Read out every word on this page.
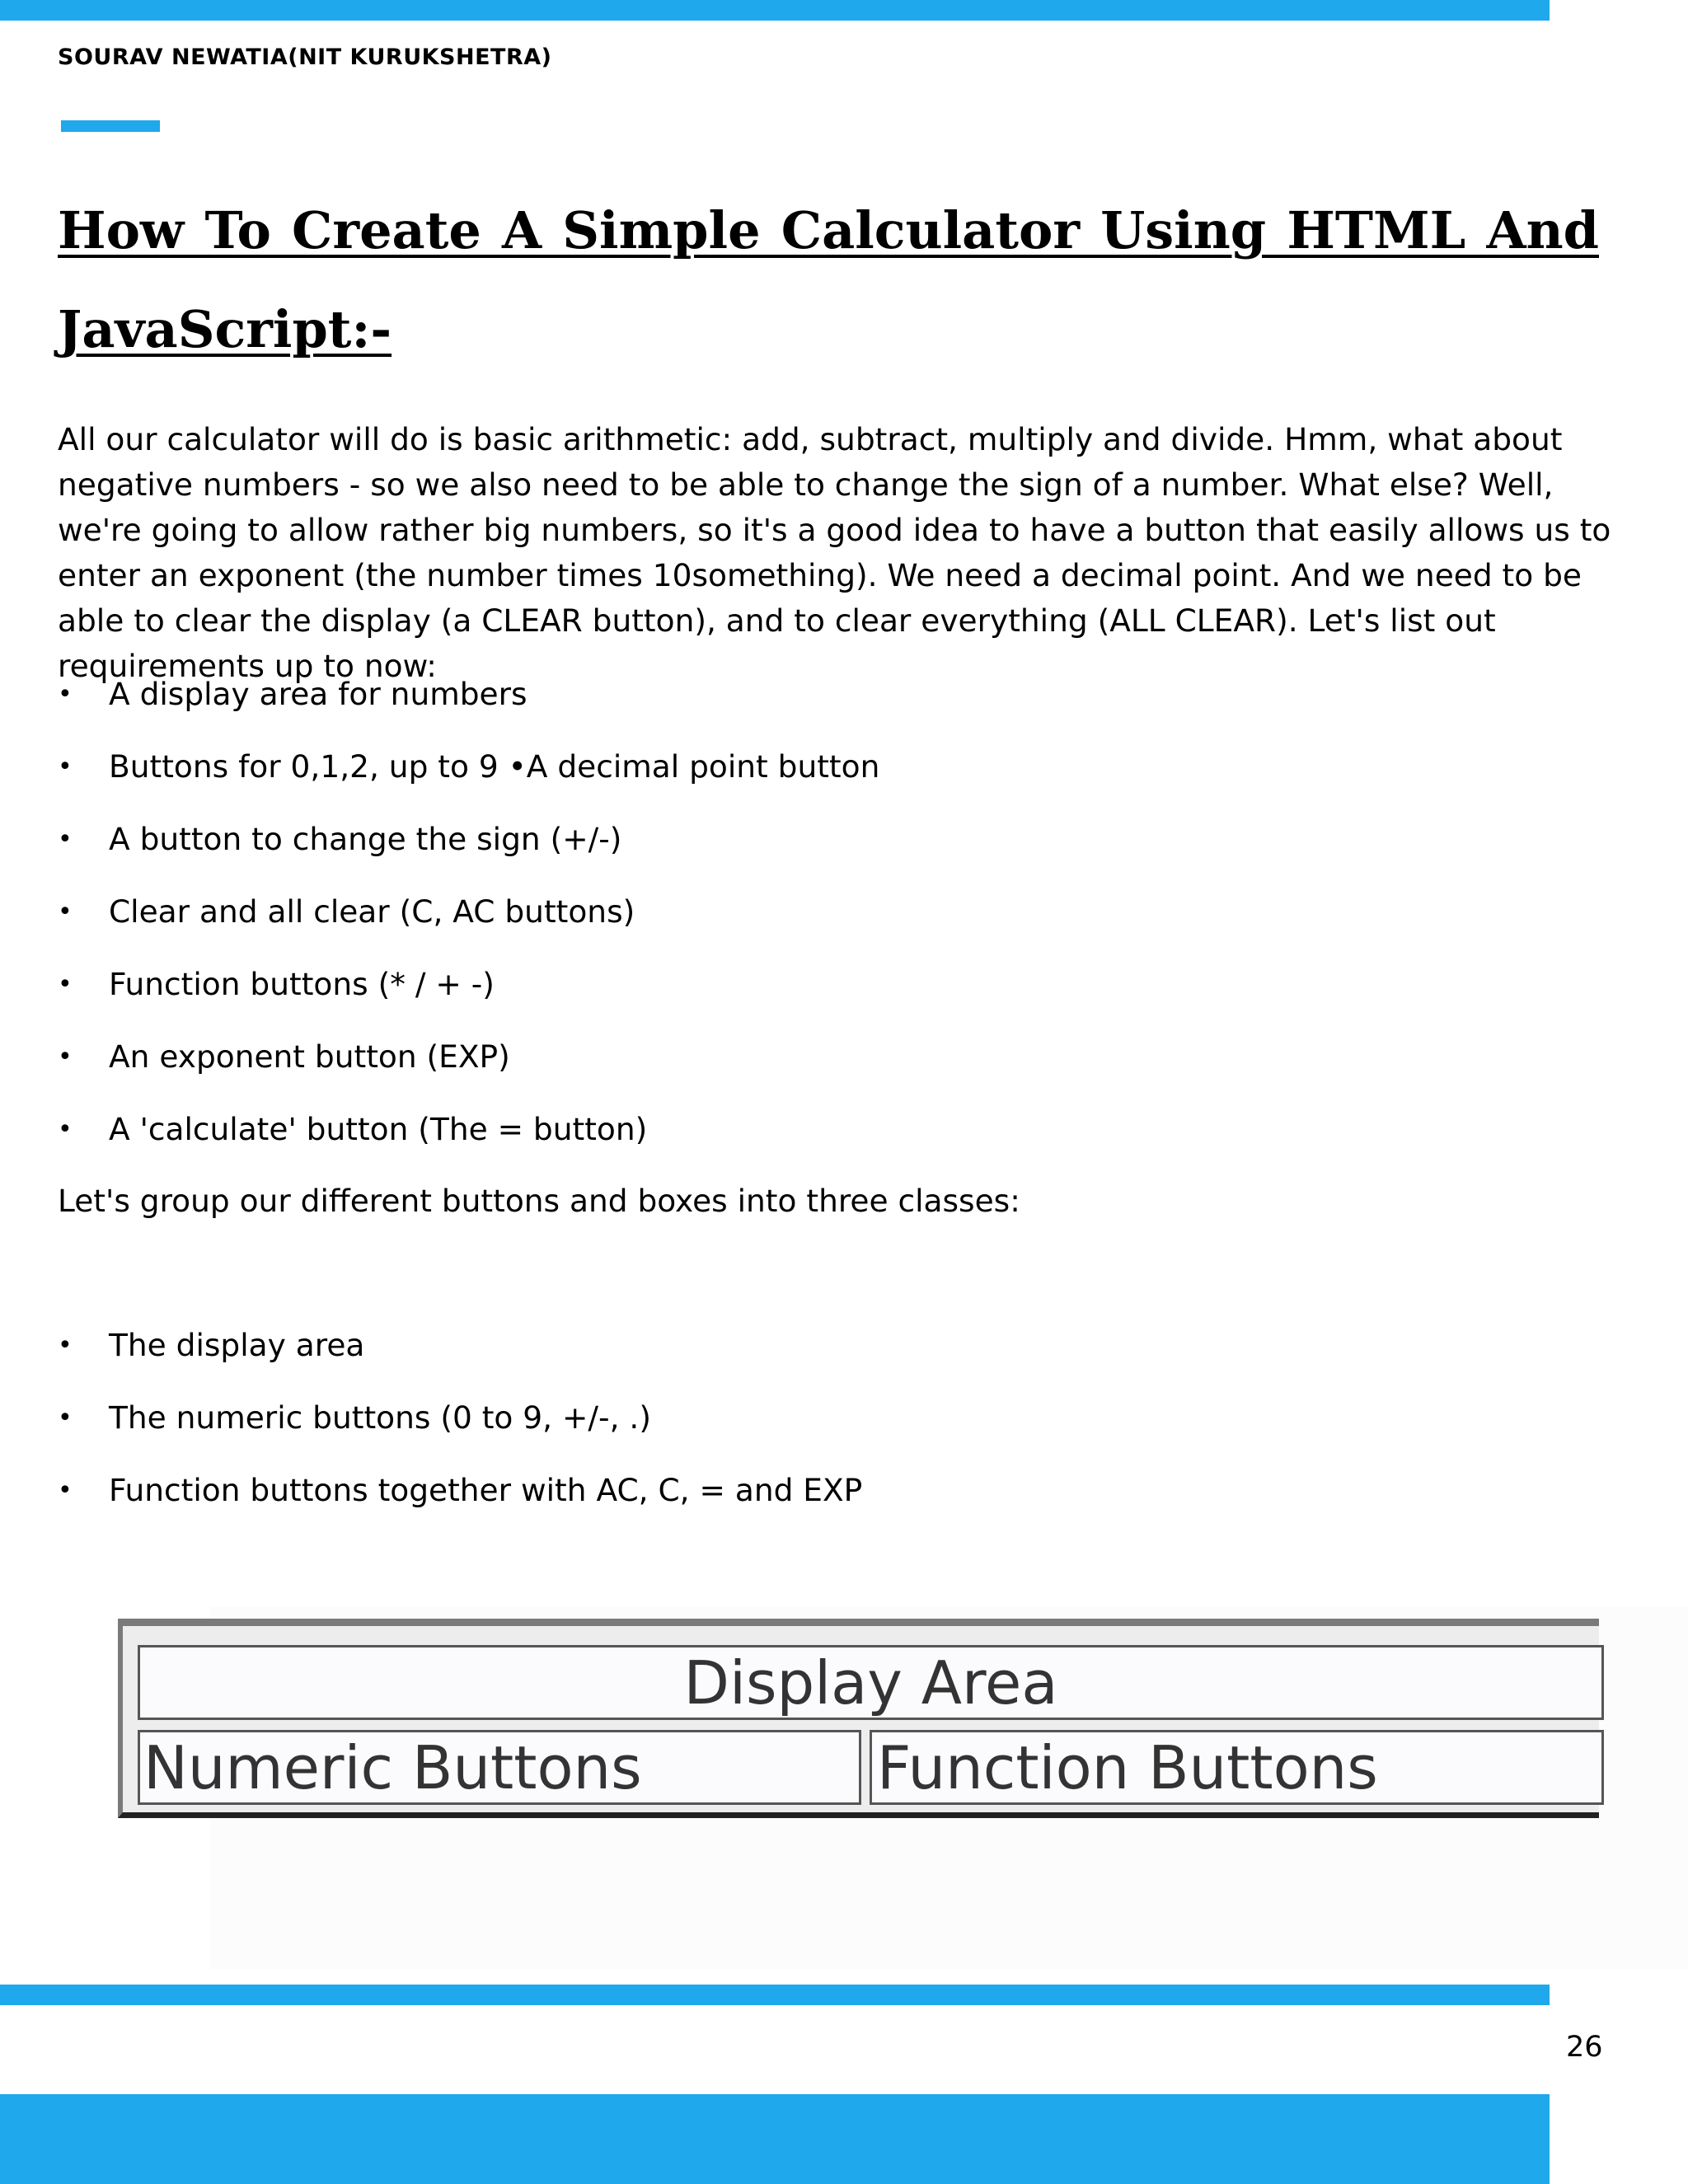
SOURAV NEWATIA(NIT KURUKSHETRA)
How To Create A Simple Calculator Using HTML And JavaScript:-

All our calculator will do is basic arithmetic: add, subtract, multiply and divide. Hmm, what about negative numbers - so we also need to be able to change the sign of a number. What else? Well, we're going to allow rather big numbers, so it's a good idea to have a button that easily allows us to enter an exponent (the number times 10something). We need a decimal point. And we need to be able to clear the display (a CLEAR button), and to clear everything (ALL CLEAR). Let's list out requirements up to now:

• A display area for numbers
• Buttons for 0,1,2, up to 9 •A decimal point button
• A button to change the sign (+/-)
• Clear and all clear (C, AC buttons)
• Function buttons (* / + -)
• An exponent button (EXP)
• A 'calculate' button (The = button)

Let's group our different buttons and boxes into three classes:

• The display area
• The numeric buttons (0 to 9, +/-, .)
• Function buttons together with AC, C, = and EXP
Display Area
Numeric Buttons	Function Buttons
26
